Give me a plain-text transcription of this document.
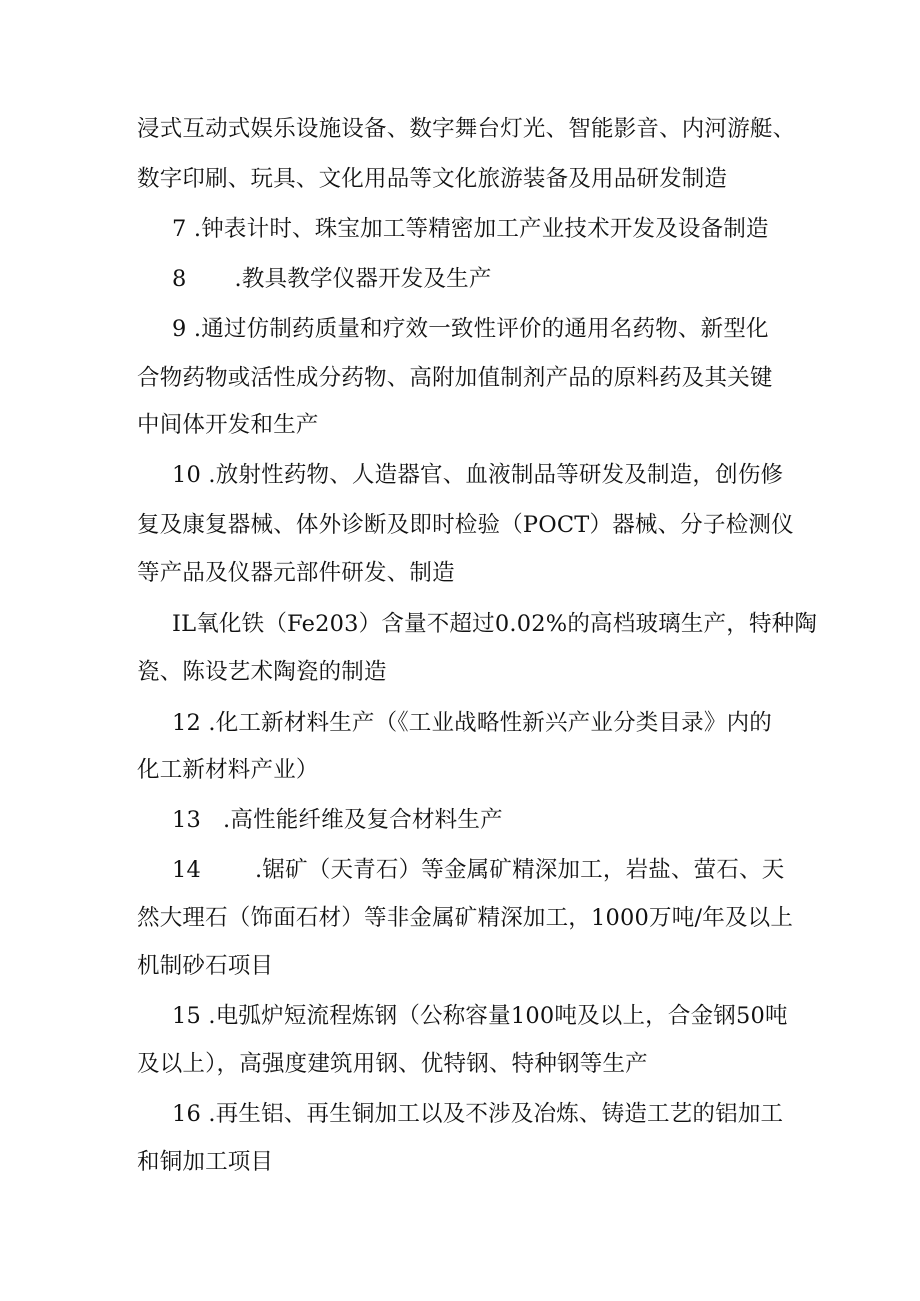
浸式互动式娱乐设施设备、数字舞台灯光、智能影音、内河游艇、
数字印刷、玩具、文化用品等文化旅游装备及用品研发制造
7 .钟表计时、珠宝加工等精密加工产业技术开发及设备制造
8 .教具教学仪器开发及生产
9 .通过仿制药质量和疗效一致性评价的通用名药物、新型化
合物药物或活性成分药物、高附加值制剂产品的原料药及其关键
中间体开发和生产
10 .放射性药物、人造器官、血液制品等研发及制造，创伤修
复及康复器械、体外诊断及即时检验（POCT）器械、分子检测仪
等产品及仪器元部件研发、制造
IL氧化铁（Fe203）含量不超过0.02%的高档玻璃生产，特种陶
瓷、陈设艺术陶瓷的制造
12 .化工新材料生产（《工业战略性新兴产业分类目录》内的
化工新材料产业）
13 .高性能纤维及复合材料生产
14 .锯矿（天青石）等金属矿精深加工，岩盐、萤石、天
然大理石（饰面石材）等非金属矿精深加工，1000万吨/年及以上
机制砂石项目
15 .电弧炉短流程炼钢（公称容量100吨及以上，合金钢50吨
及以上），高强度建筑用钢、优特钢、特种钢等生产
16 .再生铝、再生铜加工以及不涉及冶炼、铸造工艺的铝加工
和铜加工项目
